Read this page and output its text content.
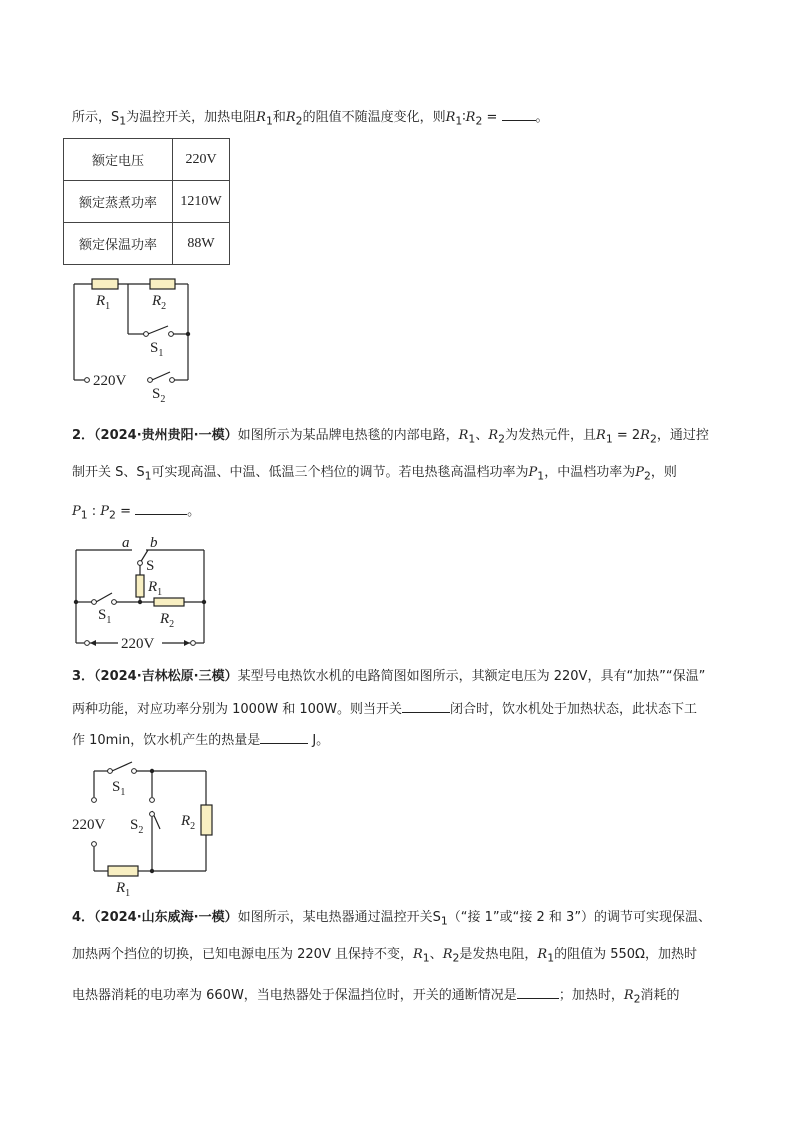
所示，$S_1$为温控开关，加热电阻$R_1$和$R_2$的阻值不随温度变化，则$R_1∶R_2$ =	。
额定电压	220V
额定蒸煮功率	1210W
额定保温功率	88W
$R_1$	$R_2$
$S_1$
220V
$S_2$
2．（2024·贵州贵阳·一模）如图所示为某品牌电热毯的内部电路，$R_1$、$R_2$为发热元件，且$R_1 = 2R_2$，通过控
制开关 S、$S_1$可实现高温、中温、低温三个档位的调节。若电热毯高温档功率为$P_1$，中温档功率为$P_2$，则
$P_1$ : $P_2$ =	。
a b
S
$R_1$
$S_1$	$R_2$
220V
3．（2024·吉林松原·三模）某型号电热饮水机的电路简图如图所示，其额定电压为 220V，具有“加热”“保温”
两种功能，对应功率分别为 1000W 和 100W。则当开关	闭合时，饮水机处于加热状态，此状态下工
作 10min，饮水机产生的热量是	J。
$S_1$
220V $S_2$
$R_2$
$R_1$
4．（2024·山东威海·一模）如图所示，某电热器通过温控开关$S_1(“$接 1”或“接 2 和 3”）的调节可实现保温、
加热两个挡位的切换，已知电源电压为 220V 且保持不变，$R_1$、$R_2$是发热电阻，$R_1$的阻值为 550Ω，加热时
电热器消耗的电功率为 660W，当电热器处于保温挡位时，开关的通断情况是	；加热时，$R_2$消耗的
